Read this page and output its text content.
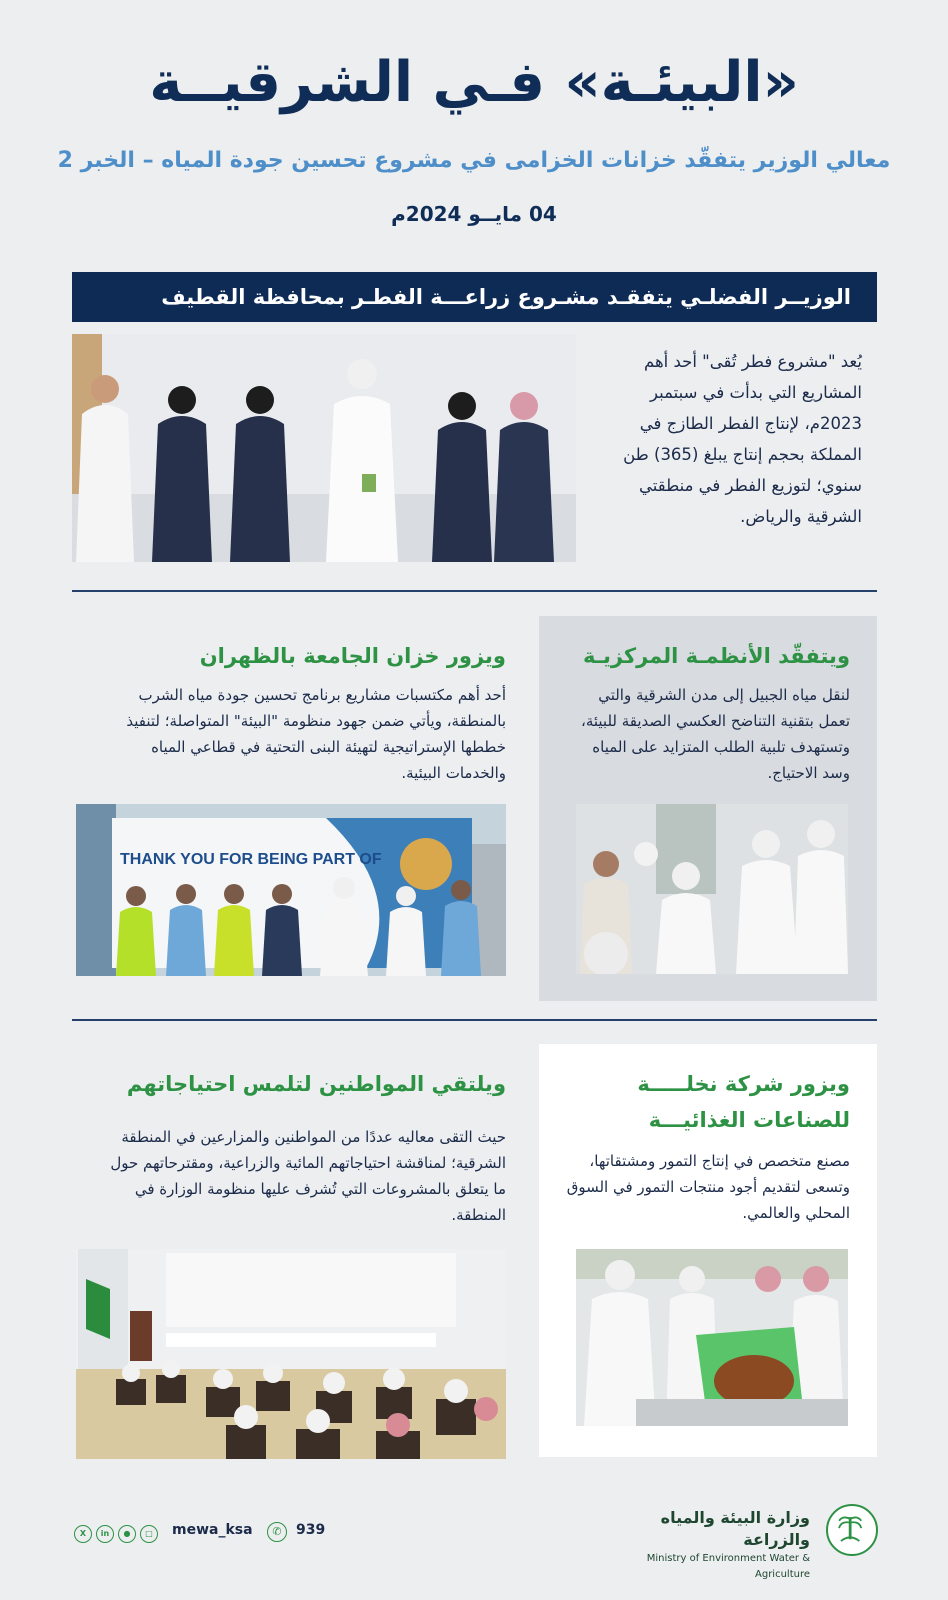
«البيئـة» فـي الشرقيــة
معالي الوزير يتفقّد خزانات الخزامى في مشروع تحسين جودة المياه – الخبر 2
04 مايــو 2024م
الوزيــر الفضلـي يتفقـد مشـروع زراعـــة الفطـر بمحافظة القطيف
يُعد "مشروع فطر تُقى" أحد أهم المشاريع التي بدأت في سبتمبر 2023م، لإنتاج الفطر الطازج في المملكة بحجم إنتاج يبلغ (365) طن سنوي؛ لتوزيع الفطر في منطقتي الشرقية والرياض.
ويتفقّد الأنظمـة المركزيـة
لنقل مياه الجبيل إلى مدن الشرقية والتي تعمل بتقنية التناضح العكسي الصديقة للبيئة، وتستهدف تلبية الطلب المتزايد على المياه وسد الاحتياج.
ويزور خزان الجامعة بالظهران
أحد أهم مكتسبات مشاريع برنامج تحسين جودة مياه الشرب بالمنطقة، ويأتي ضمن جهود منظومة "البيئة" المتواصلة؛ لتنفيذ خططها الإستراتيجية لتهيئة البنى التحتية في قطاعي المياه والخدمات البيئية.
THANK YOU FOR BEING PART OF
ويزور شركة نخلـــــة
للصناعات الغذائيـــة
مصنع متخصص في إنتاج التمور ومشتقاتها، وتسعى لتقديم أجود منتجات التمور في السوق المحلي والعالمي.
ويلتقي المواطنين لتلمس احتياجاتهم
حيث التقى معاليه عددًا من المواطنين والمزارعين في المنطقة الشرقية؛ لمناقشة احتياجاتهم المائية والزراعية، ومقترحاتهم حول ما يتعلق بالمشروعات التي تُشرف عليها منظومة الوزارة في المنطقة.
وزارة البيئة والمياه والزراعة
Ministry of Environment Water & Agriculture
X	in	●	□	mewa_ksa	✆	939
